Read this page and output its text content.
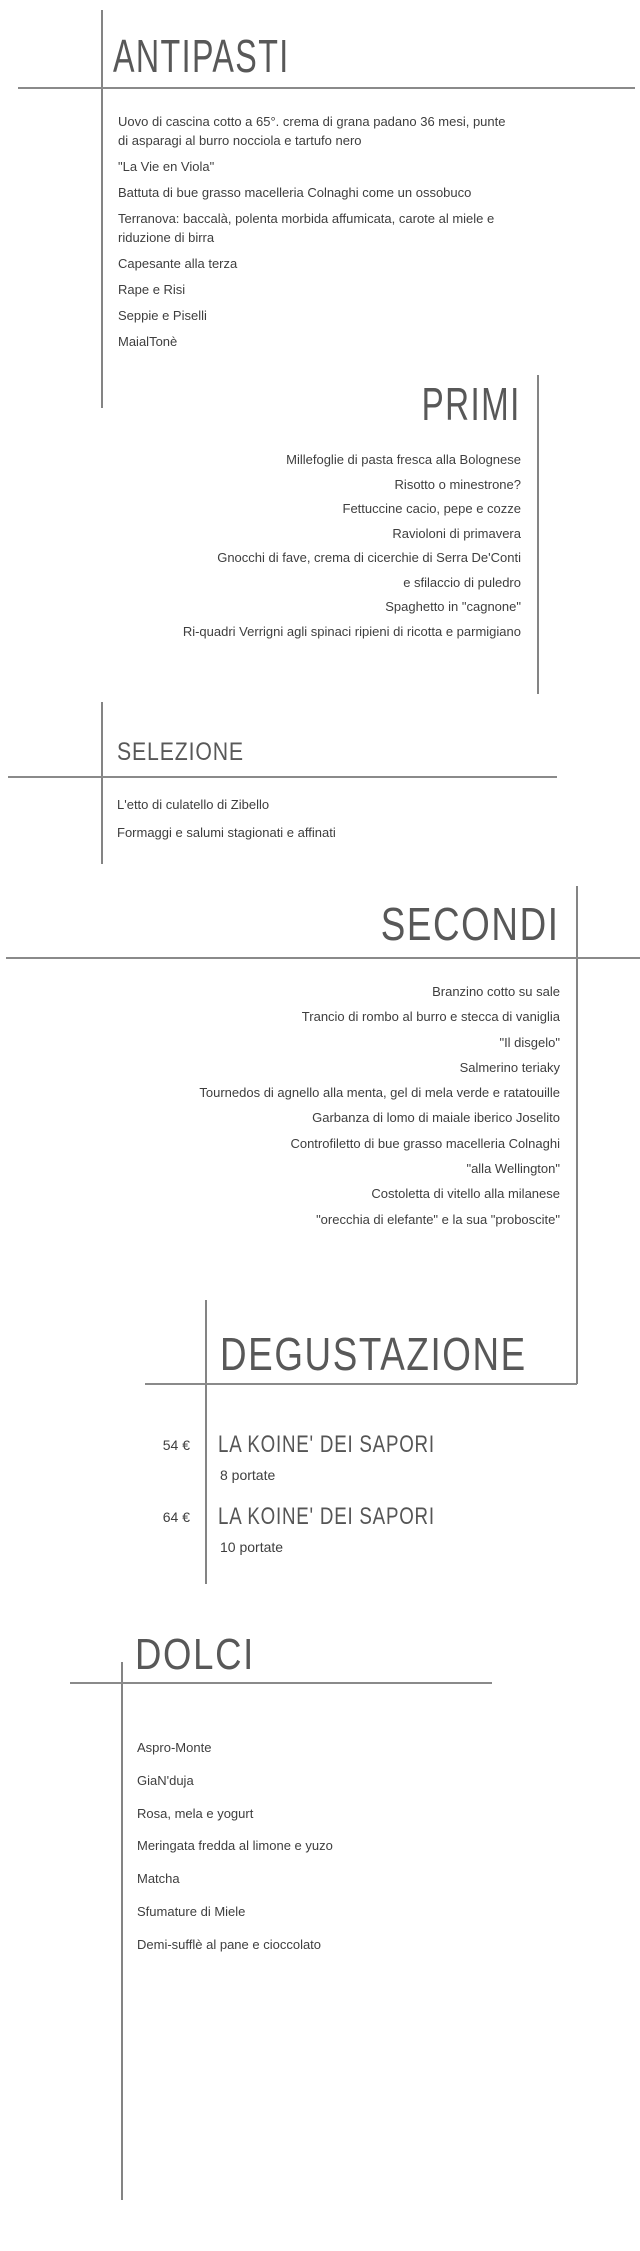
ANTIPASTI
PRIMI
SELEZIONE
SECONDI
DEGUSTAZIONE
DOLCI
Uovo di cascina cotto a 65°. crema di grana padano 36 mesi, punte
di asparagi al burro nocciola e tartufo nero
"La Vie en Viola"
Battuta di bue grasso macelleria Colnaghi come un ossobuco
Terranova: baccalà, polenta morbida affumicata, carote al miele e
riduzione di birra
Capesante alla terza
Rape e Risi
Seppie e Piselli
MaialTonè
Millefoglie di pasta fresca alla Bolognese
Risotto o minestrone?
Fettuccine cacio, pepe e cozze
Ravioloni di primavera
Gnocchi di fave, crema di cicerchie di Serra De'Conti
e sfilaccio di puledro
Spaghetto in "cagnone"
Ri-quadri Verrigni agli spinaci ripieni di ricotta e parmigiano
L'etto di culatello di Zibello
Formaggi e salumi stagionati e affinati
Branzino cotto su sale
Trancio di rombo al burro e stecca di vaniglia
"Il disgelo"
Salmerino teriaky
Tournedos di agnello alla menta, gel di mela verde e ratatouille
Garbanza di lomo di maiale iberico Joselito
Controfiletto di bue grasso macelleria Colnaghi
"alla Wellington"
Costoletta di vitello alla milanese
"orecchia di elefante" e la sua "proboscite"
54 € LA KOINE' DEI SAPORI
8 portate
64 € LA KOINE' DEI SAPORI
10 portate
Aspro-Monte
GiaN'duja
Rosa, mela e yogurt
Meringata fredda al limone e yuzo
Matcha
Sfumature di Miele
Demi-sufflè al pane e cioccolato
